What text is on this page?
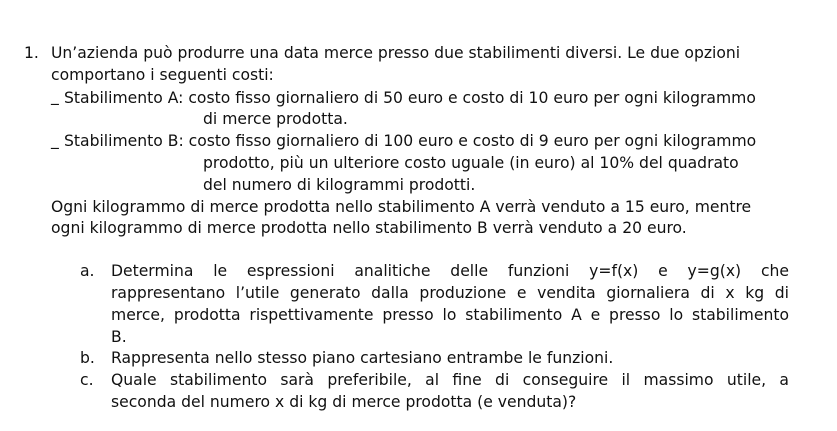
1. Un’azienda può produrre una data merce presso due stabilimenti diversi. Le due opzioni
comportano i seguenti costi:
_ Stabilimento A: costo fisso giornaliero di 50 euro e costo di 10 euro per ogni kilogrammo
di merce prodotta.
_ Stabilimento B: costo fisso giornaliero di 100 euro e costo di 9 euro per ogni kilogrammo
prodotto, più un ulteriore costo uguale (in euro) al 10% del quadrato
del numero di kilogrammi prodotti.
Ogni kilogrammo di merce prodotta nello stabilimento A verrà venduto a 15 euro, mentre
ogni kilogrammo di merce prodotta nello stabilimento B verrà venduto a 20 euro.
a. Determina le espressioni analitiche delle funzioni y=f(x) e y=g(x) che
rappresentano l’utile generato dalla produzione e vendita giornaliera di x kg di
merce, prodotta rispettivamente presso lo stabilimento A e presso lo stabilimento
B.
b. Rappresenta nello stesso piano cartesiano entrambe le funzioni.
c. Quale stabilimento sarà preferibile, al fine di conseguire il massimo utile, a
seconda del numero x di kg di merce prodotta (e venduta)?
